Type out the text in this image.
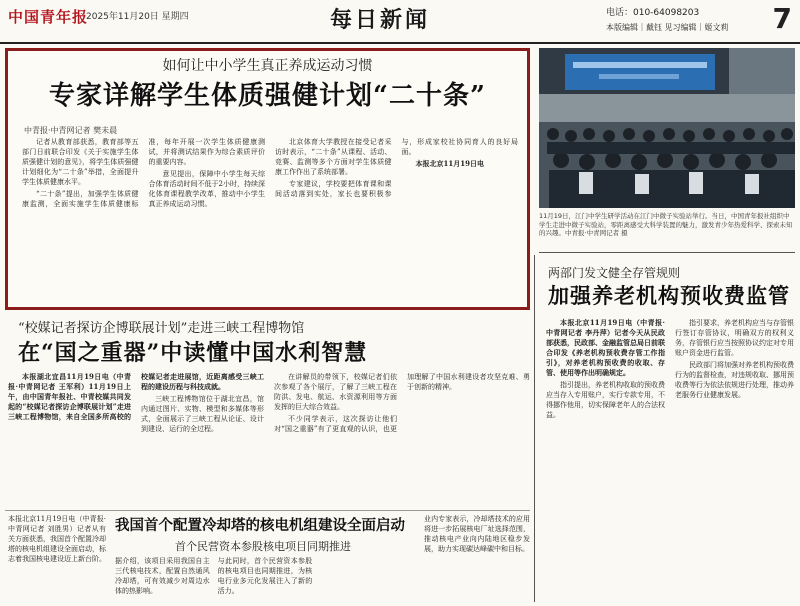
中国青年报
2025年11月20日 星期四	每日新闻	电话：010-64098203
本版编辑｜戴钰 见习编辑｜姬文莉	7
如何让中小学生真正养成运动习惯
专家详解学生体质强健计划“二十条”
中青报·中青网记者 樊未晨

记者从教育部获悉，教育部等五部门日前联合印发《关于实施学生体质强健计划的意见》，将学生体质强健计划细化为“二十条”举措，全面提升学生体质健康水平。

“二十条”提出，加强学生体质健康监测，全面实施学生体质健康标准，每年开展一次学生体质健康测试，并将测试结果作为综合素质评价的重要内容。

意见提出，保障中小学生每天综合体育活动时间不低于2小时，持续深化体育课程教学改革，推动中小学生真正养成运动习惯。

北京体育大学教授在接受记者采访时表示，“二十条”从课程、活动、竞赛、监测等多个方面对学生体质健康工作作出了系统部署。

专家建议，学校要把体育课和课间活动落到实处，家长也要积极参与，形成家校社协同育人的良好局面。

本报北京11月19日电

11月19日，江门中学生研学活动在江门中微子实验站举行。当日，中国青年报社组织中学生走进中微子实验站，零距离感受大科学装置的魅力，激发青少年热爱科学、探索未知的兴趣。中青报·中青网记者 摄
两部门发文健全存管规则
加强养老机构预收费监管

本报北京11月19日电（中青报·中青网记者 李丹萍）记者今天从民政部获悉，民政部、金融监管总局日前联合印发《养老机构预收费存管工作指引》，对养老机构预收费的收取、存管、使用等作出明确规定。

指引提出，养老机构收取的预收费应当存入专用账户，实行专款专用，不得挪作他用，切实保障老年人的合法权益。

指引要求，养老机构应当与存管银行签订存管协议，明确双方的权利义务，存管银行应当按照协议约定对专用账户资金进行监管。

民政部门将加强对养老机构预收费行为的监督检查，对违规收取、挪用预收费等行为依法依规进行处理，推动养老服务行业健康发展。

“校媒记者探访企博联展计划”走进三峡工程博物馆
在“国之重器”中读懂中国水利智慧

本报湖北宜昌11月19日电（中青报·中青网记者 王军利）11月19日上午，由中国青年报社、中青校媒共同发起的“校媒记者探访企博联展计划”走进三峡工程博物馆，来自全国多所高校的校媒记者走进展馆，近距离感受三峡工程的建设历程与科技成就。

三峡工程博物馆位于湖北宜昌，馆内通过图片、实物、模型和多媒体等形式，全面展示了三峡工程从论证、设计到建设、运行的全过程。

在讲解员的带领下，校媒记者们依次参观了各个展厅，了解了三峡工程在防洪、发电、航运、水资源利用等方面发挥的巨大综合效益。

不少同学表示，这次探访让他们对“国之重器”有了更直观的认识，也更加理解了中国水利建设者攻坚克难、勇于创新的精神。

本报北京11月19日电（中青报·中青网记者 刘胜男）记者从有关方面获悉，我国首个配置冷却塔的核电机组建设全面启动，标志着我国核电建设迈上新台阶。
我国首个配置冷却塔的核电机组建设全面启动
首个民营资本参股核电项目同期推进

据介绍，该项目采用我国自主三代核电技术，配置自然通风冷却塔，可有效减少对周边水体的热影响。

与此同时，首个民营资本参股的核电项目也同期推进，为核电行业多元化发展注入了新的活力。

业内专家表示，冷却塔技术的应用将进一步拓展核电厂址选择范围，推动核电产业向内陆地区稳步发展，助力实现碳达峰碳中和目标。
